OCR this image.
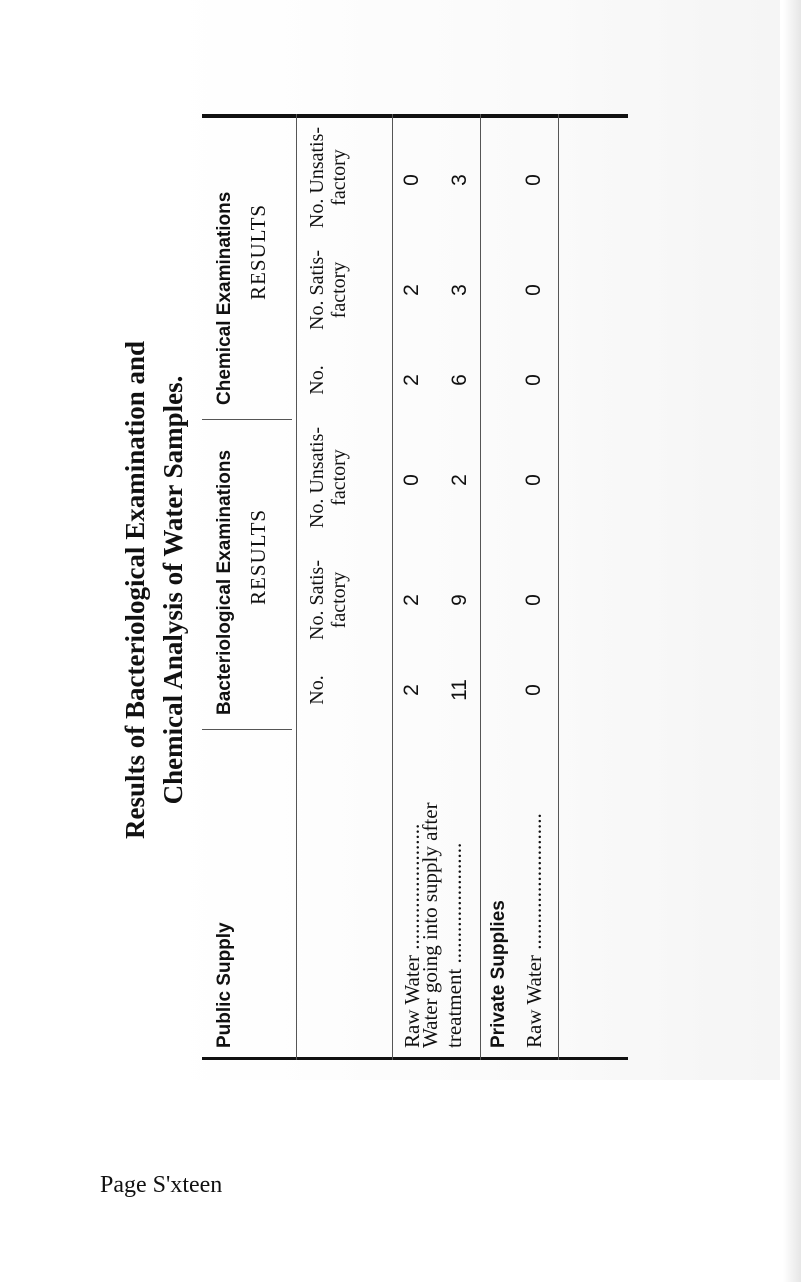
Results of Bacteriological Examination and Chemical Analysis of Water Samples.
Public Supply
Bacteriological Examinations
Chemical Examinations
RESULTS
RESULTS
No.
No. Satis- factory
No. Unsatis- factory
No.
No. Satis- factory
No. Unsatis- factory
Raw Water ........................
2
2
0
2
2
0
Water going into supply after treatment .......................
11
9
2
6
3
3
Private Supplies Raw Water ..........................
0
0
0
0
0
0
Page S'xteen
